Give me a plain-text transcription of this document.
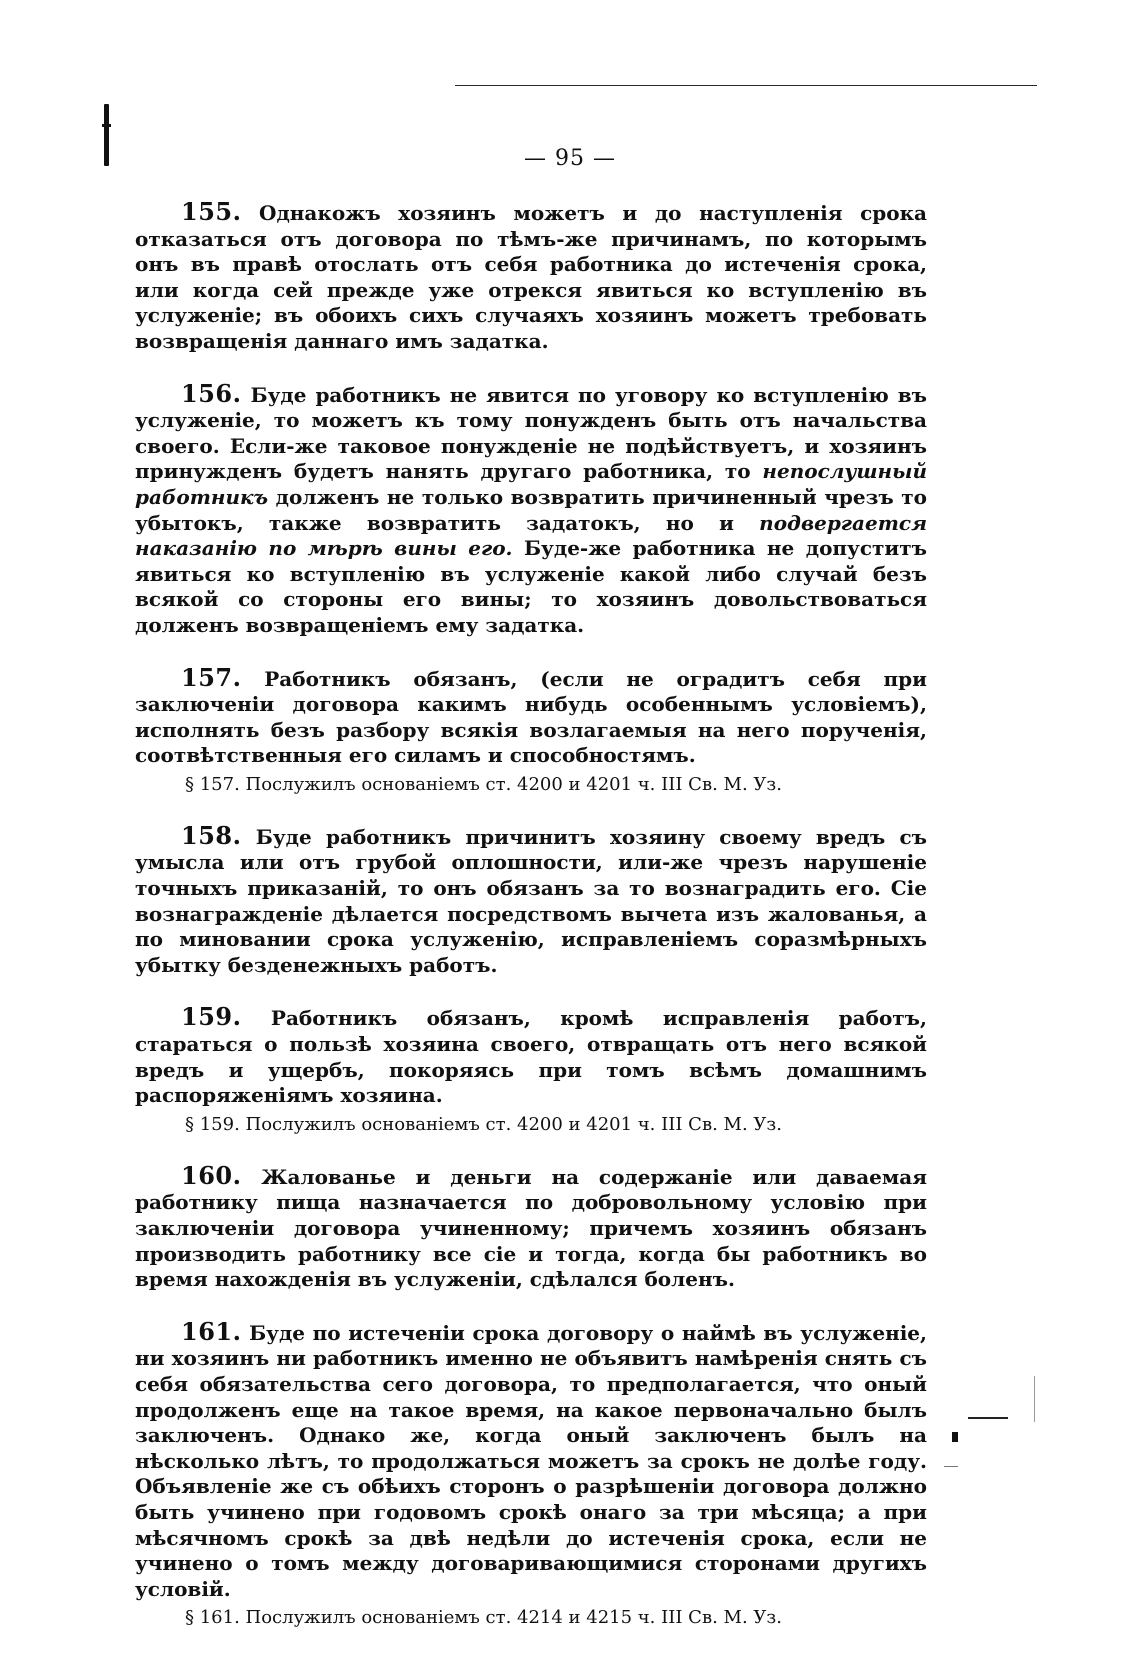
— 95 —

155. Однакожъ хозяинъ можетъ и до наступленія срока отказаться отъ договора по тѣмъ-же причинамъ, по которымъ онъ въ правѣ отослать отъ себя работника до истеченія срока, или когда сей прежде уже отрекся явиться ко вступленію въ услуженіе; въ обоихъ сихъ случаяхъ хозяинъ можетъ требовать возвращенія даннаго имъ задатка.

156. Буде работникъ не явится по уговору ко вступленію въ услуженіе, то можетъ къ тому понужденъ быть отъ начальства своего. Если-же таковое понужденіе не подѣйствуетъ, и хозяинъ принужденъ будетъ нанять другаго работника, то непослушный работникъ долженъ не только возвратить причиненный чрезъ то убытокъ, также возвратить задатокъ, но и подвергается наказанію по мѣрѣ вины его. Буде-же работника не допуститъ явиться ко вступленію въ услуженіе какой либо случай безъ всякой со стороны его вины; то хозяинъ довольствоваться долженъ возвращеніемъ ему задатка.

157. Работникъ обязанъ, (если не оградитъ себя при заключеніи договора какимъ нибудь особеннымъ условіемъ), исполнять безъ разбору всякія возлагаемыя на него порученія, соотвѣтственныя его силамъ и способностямъ.

§ 157. Послужилъ основаніемъ ст. 4200 и 4201 ч. III Св. М. Уз.

158. Буде работникъ причинитъ хозяину своему вредъ съ умысла или отъ грубой оплошности, или-же чрезъ нарушеніе точныхъ приказаній, то онъ обязанъ за то вознаградить его. Сіе вознагражденіе дѣлается посредствомъ вычета изъ жалованья, а по миновании срока услуженію, исправленіемъ соразмѣрныхъ убытку безденежныхъ работъ.

159. Работникъ обязанъ, кромѣ исправленія работъ, стараться о пользѣ хозяина своего, отвращать отъ него всякой вредъ и ущербъ, покоряясь при томъ всѣмъ домашнимъ распоряженіямъ хозяина.

§ 159. Послужилъ основаніемъ ст. 4200 и 4201 ч. III Св. М. Уз.

160. Жалованье и деньги на содержаніе или даваемая работнику пища назначается по добровольному условію при заключеніи договора учиненному; причемъ хозяинъ обязанъ производить работнику все сіе и тогда, когда бы работникъ во время нахожденія въ услуженіи, сдѣлался боленъ.

161. Буде по истеченіи срока договору о наймѣ въ услуженіе, ни хозяинъ ни работникъ именно не объявитъ намѣренія снять съ себя обязательства сего договора, то предполагается, что оный продолженъ еще на такое время, на какое первоначально былъ заключенъ. Однако же, когда оный заключенъ былъ на нѣсколько лѣтъ, то продолжаться можетъ за срокъ не долѣе году. Объявленіе же съ обѣихъ сторонъ о разрѣшеніи договора должно быть учинено при годовомъ срокѣ онаго за три мѣсяца; а при мѣсячномъ срокѣ за двѣ недѣли до истеченія срока, если не учинено о томъ между договаривающимися сторонами другихъ условій.

§ 161. Послужилъ основаніемъ ст. 4214 и 4215 ч. III Св. М. Уз.
